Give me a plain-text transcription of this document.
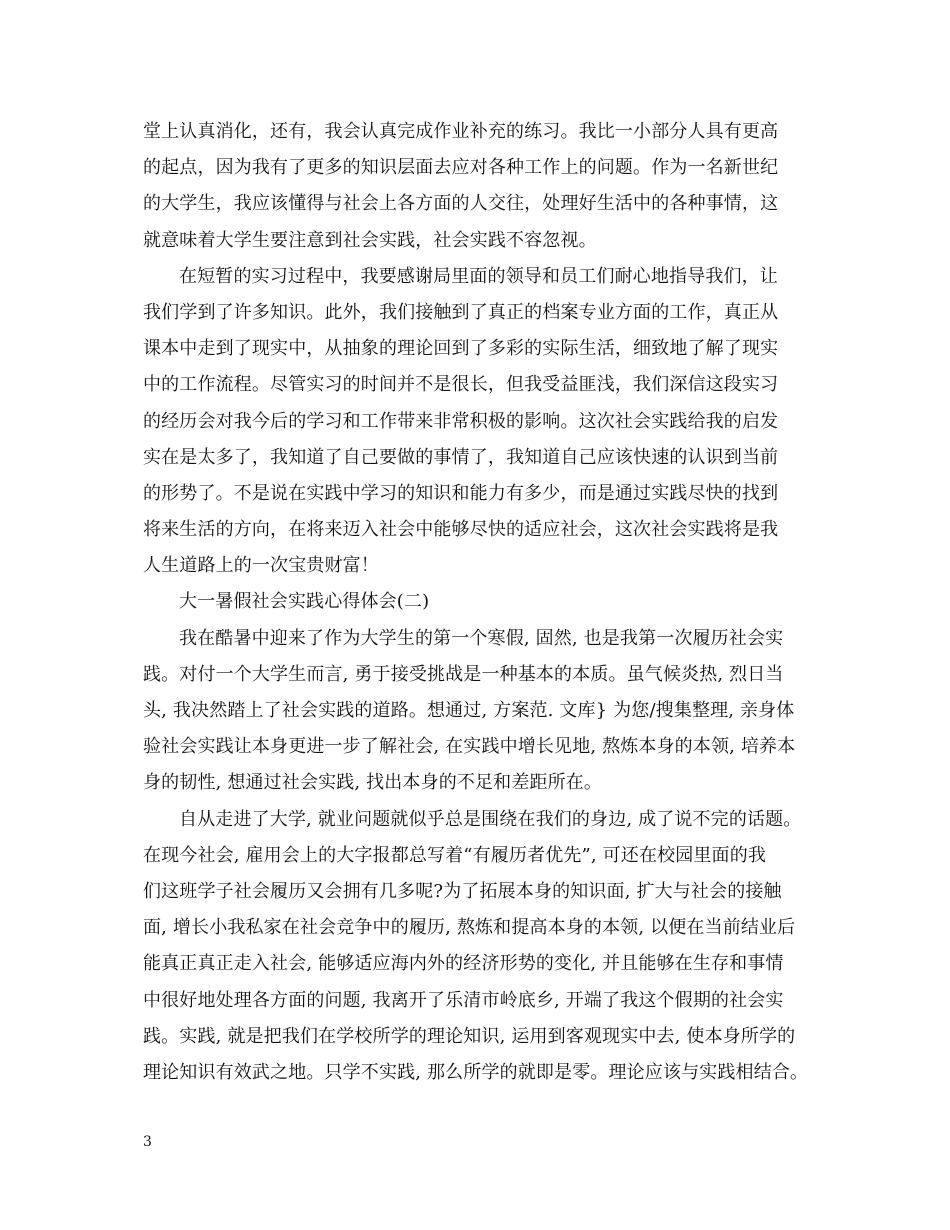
堂上认真消化，还有，我会认真完成作业补充的练习。我比一小部分人具有更高
的起点，因为我有了更多的知识层面去应对各种工作上的问题。作为一名新世纪
的大学生，我应该懂得与社会上各方面的人交往，处理好生活中的各种事情，这
就意味着大学生要注意到社会实践，社会实践不容忽视。
在短暂的实习过程中，我要感谢局里面的领导和员工们耐心地指导我们，让
我们学到了许多知识。此外，我们接触到了真正的档案专业方面的工作，真正从
课本中走到了现实中，从抽象的理论回到了多彩的实际生活，细致地了解了现实
中的工作流程。尽管实习的时间并不是很长，但我受益匪浅，我们深信这段实习
的经历会对我今后的学习和工作带来非常积极的影响。这次社会实践给我的启发
实在是太多了，我知道了自己要做的事情了，我知道自己应该快速的认识到当前
的形势了。不是说在实践中学习的知识和能力有多少，而是通过实践尽快的找到
将来生活的方向，在将来迈入社会中能够尽快的适应社会，这次社会实践将是我
人生道路上的一次宝贵财富！
大一暑假社会实践心得体会(二)
我在酷暑中迎来了作为大学生的第一个寒假, 固然, 也是我第一次履历社会实
践。对付一个大学生而言, 勇于接受挑战是一种基本的本质。虽气候炎热, 烈日当
头, 我决然踏上了社会实践的道路。想通过, 方案范. 文库} 为您/搜集整理, 亲身体
验社会实践让本身更进一步了解社会, 在实践中增长见地, 熬炼本身的本领, 培养本
身的韧性, 想通过社会实践, 找出本身的不足和差距所在。
自从走进了大学, 就业问题就似乎总是围绕在我们的身边, 成了说不完的话题。
在现今社会, 雇用会上的大字报都总写着“有履历者优先”, 可还在校园里面的我
们这班学子社会履历又会拥有几多呢?为了拓展本身的知识面, 扩大与社会的接触
面, 增长小我私家在社会竞争中的履历, 熬炼和提高本身的本领, 以便在当前结业后
能真正真正走入社会, 能够适应海内外的经济形势的变化, 并且能够在生存和事情
中很好地处理各方面的问题, 我离开了乐清市岭底乡, 开端了我这个假期的社会实
践。实践, 就是把我们在学校所学的理论知识, 运用到客观现实中去, 使本身所学的
理论知识有效武之地。只学不实践, 那么所学的就即是零。理论应该与实践相结合。
3
